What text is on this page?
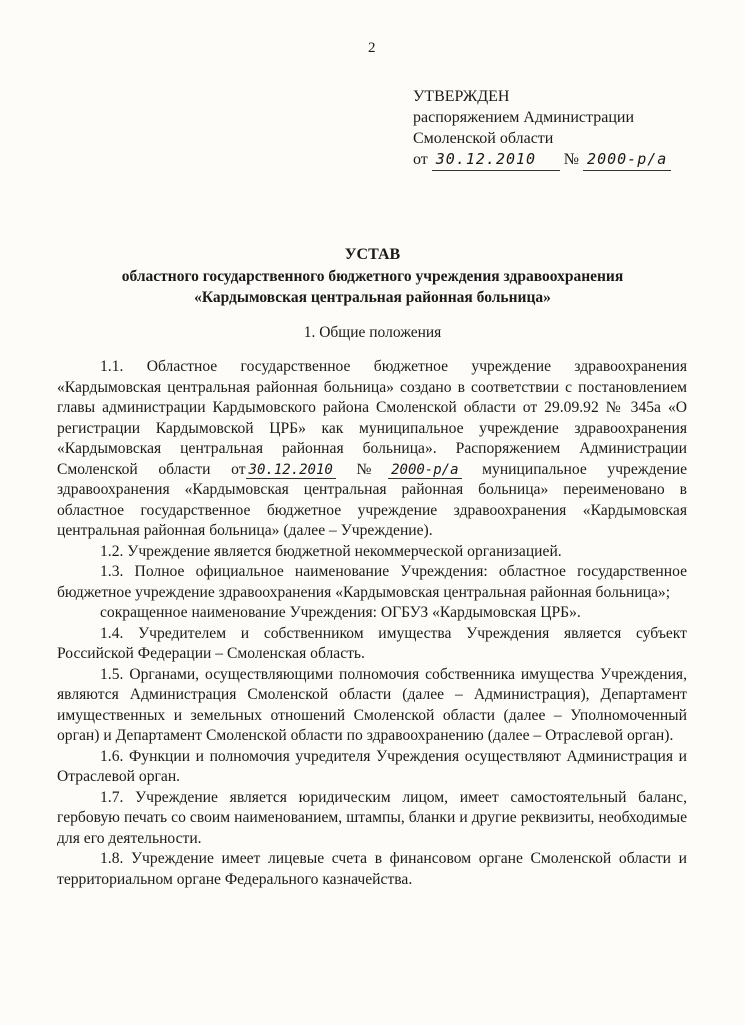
2
УТВЕРЖДЕН
распоряжением Администрации
Смоленской области
от 30.12.2010 № 2000-р/а
УСТАВ
областного государственного бюджетного учреждения здравоохранения
«Кардымовская центральная районная больница»
1. Общие положения

1.1. Областное государственное бюджетное учреждение здравоохранения «Кардымовская центральная районная больница» создано в соответствии с постановлением главы администрации Кардымовского района Смоленской области от 29.09.92 № 345а «О регистрации Кардымовской ЦРБ» как муниципальное учреждение здравоохранения «Кардымовская центральная районная больница». Распоряжением Администрации Смоленской области от 30.12.2010 № 2000-р/а муниципальное учреждение здравоохранения «Кардымовская центральная районная больница» переименовано в областное государственное бюджетное учреждение здравоохранения «Кардымовская центральная районная больница» (далее – Учреждение).

1.2. Учреждение является бюджетной некоммерческой организацией.

1.3. Полное официальное наименование Учреждения: областное государственное бюджетное учреждение здравоохранения «Кардымовская центральная районная больница»;

сокращенное наименование Учреждения: ОГБУЗ «Кардымовская ЦРБ».

1.4. Учредителем и собственником имущества Учреждения является субъект Российской Федерации – Смоленская область.

1.5. Органами, осуществляющими полномочия собственника имущества Учреждения, являются Администрация Смоленской области (далее – Администрация), Департамент имущественных и земельных отношений Смоленской области (далее – Уполномоченный орган) и Департамент Смоленской области по здравоохранению (далее – Отраслевой орган).

1.6. Функции и полномочия учредителя Учреждения осуществляют Администрация и Отраслевой орган.

1.7. Учреждение является юридическим лицом, имеет самостоятельный баланс, гербовую печать со своим наименованием, штампы, бланки и другие реквизиты, необходимые для его деятельности.

1.8. Учреждение имеет лицевые счета в финансовом органе Смоленской области и территориальном органе Федерального казначейства.
